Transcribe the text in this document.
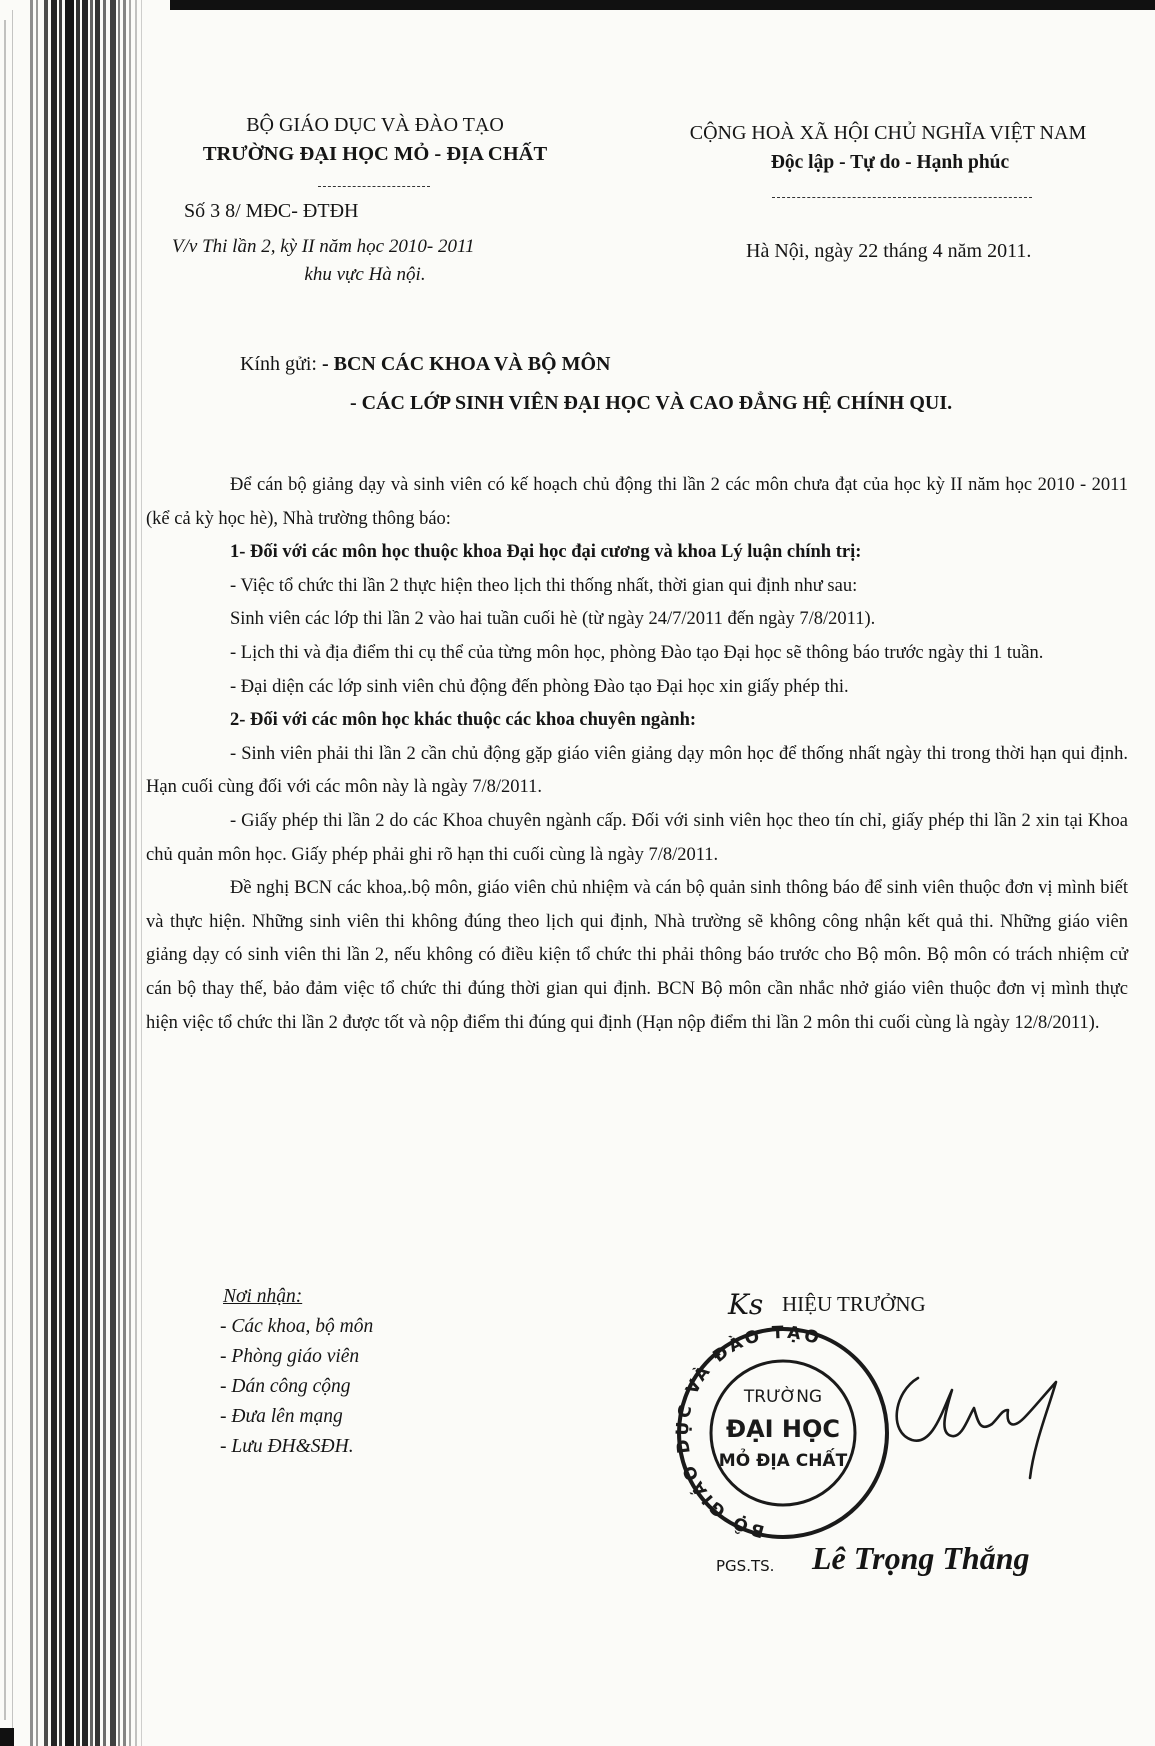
BỘ GIÁO DỤC VÀ ĐÀO TẠO
TRƯỜNG ĐẠI HỌC MỎ - ĐỊA CHẤT
Số 3 8/ MĐC- ĐTĐH
V/v Thi lần 2, kỳ II năm học 2010- 2011
khu vực Hà nội.
CỘNG HOÀ XÃ HỘI CHỦ NGHĨA VIỆT NAM
Độc lập - Tự do - Hạnh phúc
Hà Nội, ngày 22 tháng 4 năm 2011.
Kính gửi: - BCN CÁC KHOA VÀ BỘ MÔN
- CÁC LỚP SINH VIÊN ĐẠI HỌC VÀ CAO ĐẲNG HỆ CHÍNH QUI.

Để cán bộ giảng dạy và sinh viên có kế hoạch chủ động thi lần 2 các môn chưa đạt của học kỳ II năm học 2010 - 2011 (kể cả kỳ học hè), Nhà trường thông báo:

1- Đối với các môn học thuộc khoa Đại học đại cương và khoa Lý luận chính trị:

- Việc tổ chức thi lần 2 thực hiện theo lịch thi thống nhất, thời gian qui định như sau:

Sinh viên các lớp thi lần 2 vào hai tuần cuối hè (từ ngày 24/7/2011 đến ngày 7/8/2011).

- Lịch thi và địa điểm thi cụ thể của từng môn học, phòng Đào tạo Đại học sẽ thông báo trước ngày thi 1 tuần.

- Đại diện các lớp sinh viên chủ động đến phòng Đào tạo Đại học xin giấy phép thi.

2- Đối với các môn học khác thuộc các khoa chuyên ngành:

- Sinh viên phải thi lần 2 cần chủ động gặp giáo viên giảng dạy môn học để thống nhất ngày thi trong thời hạn qui định. Hạn cuối cùng đối với các môn này là ngày 7/8/2011.

- Giấy phép thi lần 2 do các Khoa chuyên ngành cấp. Đối với sinh viên học theo tín chỉ, giấy phép thi lần 2 xin tại Khoa chủ quản môn học. Giấy phép phải ghi rõ hạn thi cuối cùng là ngày 7/8/2011.

Đề nghị BCN các khoa,.bộ môn, giáo viên chủ nhiệm và cán bộ quản sinh thông báo để sinh viên thuộc đơn vị mình biết và thực hiện. Những sinh viên thi không đúng theo lịch qui định, Nhà trường sẽ không công nhận kết quả thi. Những giáo viên giảng dạy có sinh viên thi lần 2, nếu không có điều kiện tổ chức thi phải thông báo trước cho Bộ môn. Bộ môn có trách nhiệm cử cán bộ thay thế, bảo đảm việc tổ chức thi đúng thời gian qui định. BCN Bộ môn cần nhắc nhở giáo viên thuộc đơn vị mình thực hiện việc tổ chức thi lần 2 được tốt và nộp điểm thi đúng qui định (Hạn nộp điểm thi lần 2 môn thi cuối cùng là ngày 12/8/2011).

Nơi nhận:
- Các khoa, bộ môn
- Phòng giáo viên
- Dán công cộng
- Đưa lên mạng
- Lưu ĐH&SĐH.
Ks HIỆU TRƯỞNG
BỘ GIÁO DỤC VÀ ĐÀO TẠO
TRƯỜNG
ĐẠI HỌC
MỎ ĐỊA CHẤT
PGS.TS. Lê Trọng Thắng
